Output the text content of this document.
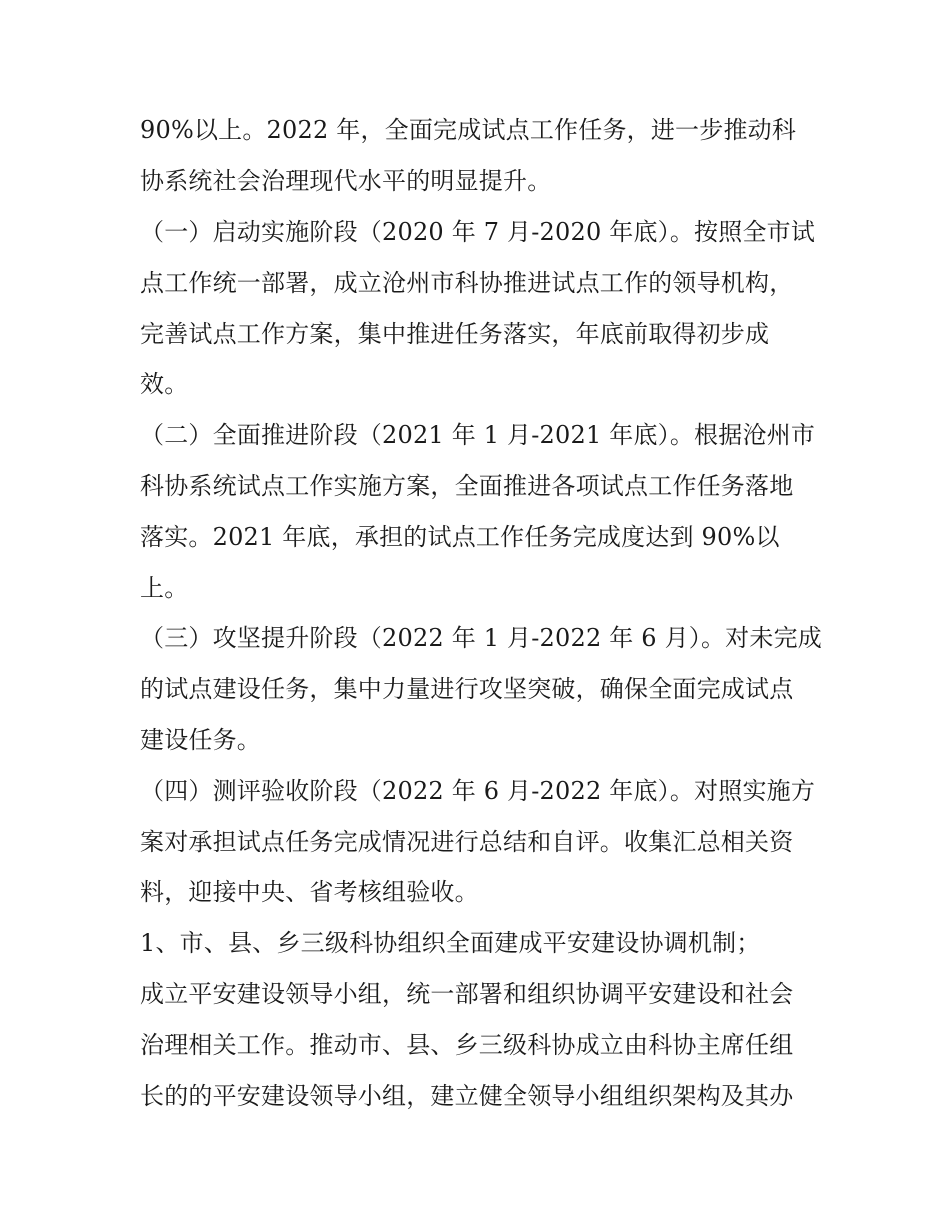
90%以上。2022 年，全面完成试点工作任务，进一步推动科
协系统社会治理现代水平的明显提升。
（一）启动实施阶段（2020 年 7 月-2020 年底）。按照全市试
点工作统一部署，成立沧州市科协推进试点工作的领导机构，
完善试点工作方案，集中推进任务落实，年底前取得初步成
效。
（二）全面推进阶段（2021 年 1 月-2021 年底）。根据沧州市
科协系统试点工作实施方案，全面推进各项试点工作任务落地
落实。2021 年底，承担的试点工作任务完成度达到 90%以
上。
（三）攻坚提升阶段（2022 年 1 月-2022 年 6 月）。对未完成
的试点建设任务，集中力量进行攻坚突破，确保全面完成试点
建设任务。
（四）测评验收阶段（2022 年 6 月-2022 年底）。对照实施方
案对承担试点任务完成情况进行总结和自评。收集汇总相关资
料，迎接中央、省考核组验收。
1、市、县、乡三级科协组织全面建成平安建设协调机制；
成立平安建设领导小组，统一部署和组织协调平安建设和社会
治理相关工作。推动市、县、乡三级科协成立由科协主席任组
长的的平安建设领导小组，建立健全领导小组组织架构及其办
